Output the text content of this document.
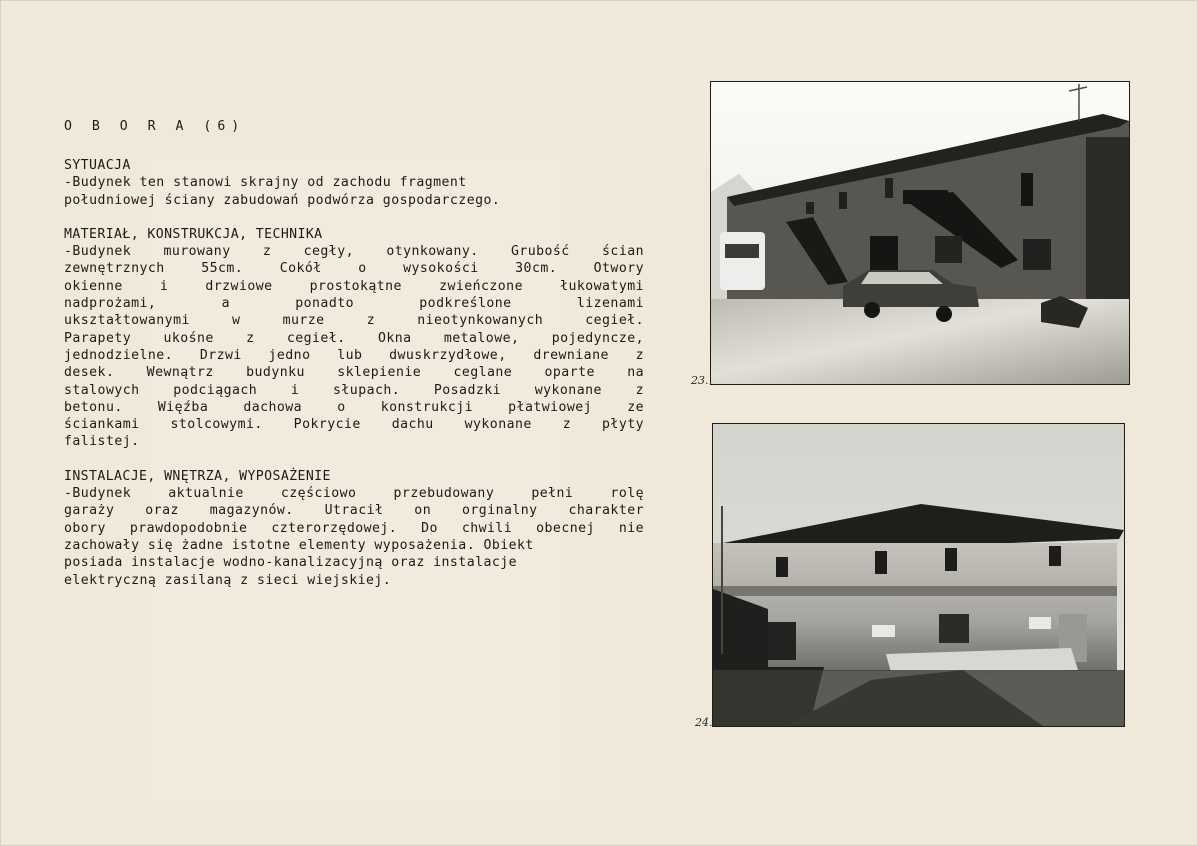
O B O R A (6)
SYTUACJA
-Budynek ten stanowi skrajny od zachodu fragment
południowej ściany zabudowań podwórza gospodarczego.
MATERIAŁ, KONSTRUKCJA, TECHNIKA
-Budynek murowany z cegły, otynkowany. Grubość ścian
zewnętrznych 55cm. Cokół o wysokości 30cm. Otwory
okienne i drzwiowe prostokątne zwieńczone łukowatymi
nadprożami, a ponadto podkreślone lizenami
ukształtowanymi w murze z nieotynkowanych cegieł.
Parapety ukośne z cegieł. Okna metalowe, pojedyncze,
jednodzielne. Drzwi jedno lub dwuskrzydłowe, drewniane z
desek. Wewnątrz budynku sklepienie ceglane oparte na
stalowych podciągach i słupach. Posadzki wykonane z
betonu. Więźba dachowa o konstrukcji płatwiowej ze
ściankami stolcowymi. Pokrycie dachu wykonane z płyty
falistej.
INSTALACJE, WNĘTRZA, WYPOSAŻENIE
-Budynek aktualnie częściowo przebudowany pełni rolę
garaży oraz magazynów. Utracił on orginalny charakter
obory prawdopodobnie czterorzędowej. Do chwili obecnej nie
zachowały się żadne istotne elementy wyposażenia. Obiekt
posiada instalacje wodno-kanalizacyjną oraz instalacje
elektryczną zasilaną z sieci wiejskiej.
23.
24.
